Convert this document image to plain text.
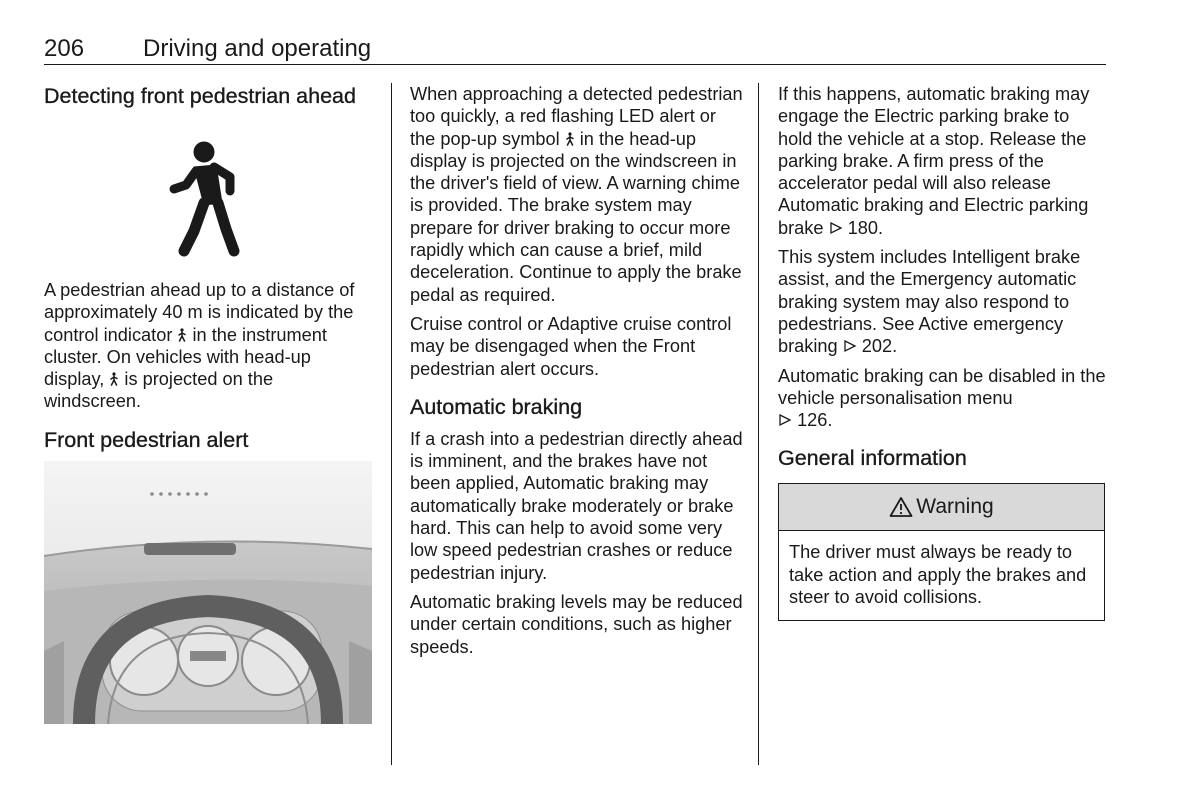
206 Driving and operating
Detecting front pedestrian ahead

A pedestrian ahead up to a distance of approximately 40 m is indicated by the control indicator  in the instrument cluster. On vehicles with head-up display,  is projected on the windscreen.

Front pedestrian alert

When approaching a detected pedestrian too quickly, a red flashing LED alert or the pop-up symbol  in the head-up display is projected on the windscreen in the driver's field of view. A warning chime is provided. The brake system may prepare for driver braking to occur more rapidly which can cause a brief, mild deceleration. Continue to apply the brake pedal as required.

Cruise control or Adaptive cruise control may be disengaged when the Front pedestrian alert occurs.

Automatic braking

If a crash into a pedestrian directly ahead is imminent, and the brakes have not been applied, Automatic braking may automatically brake moderately or brake hard. This can help to avoid some very low speed pedestrian crashes or reduce pedestrian injury.

Automatic braking levels may be reduced under certain conditions, such as higher speeds.

If this happens, automatic braking may engage the Electric parking brake to hold the vehicle at a stop. Release the parking brake. A firm press of the accelerator pedal will also release Automatic braking and Electric parking brake  180.

This system includes Intelligent brake assist, and the Emergency automatic braking system may also respond to pedestrians. See Active emergency braking  202.

Automatic braking can be disabled in the vehicle personalisation menu
126.

General information
Warning
The driver must always be ready to take action and apply the brakes and steer to avoid collisions.
